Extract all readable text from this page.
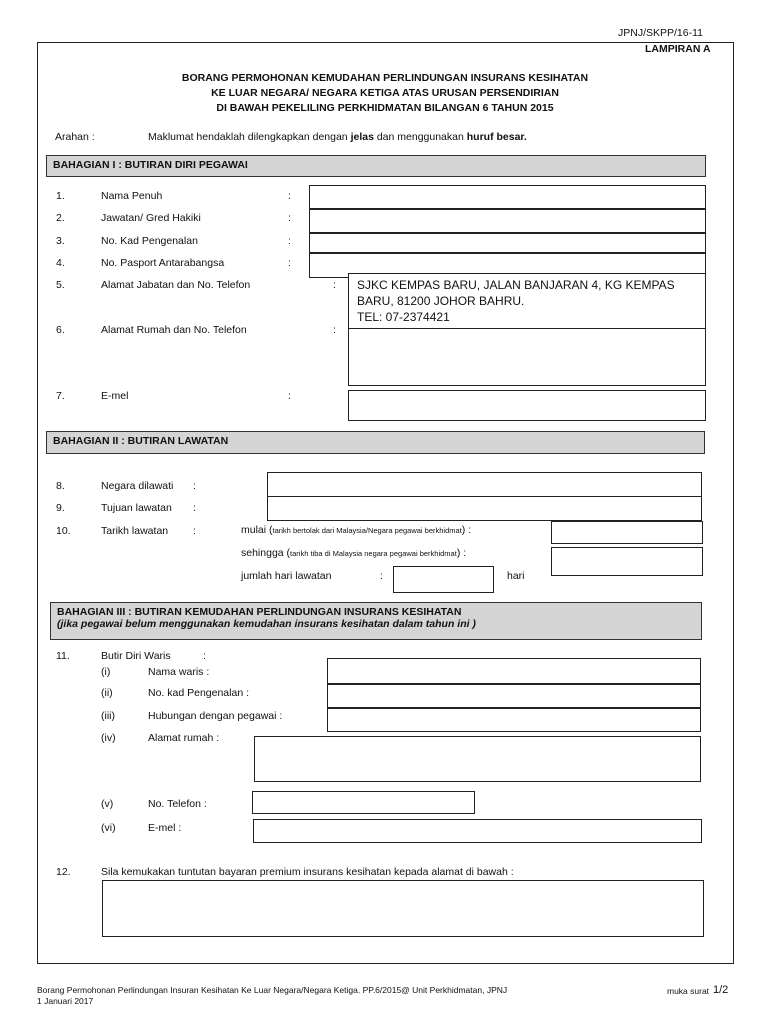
JPNJ/SKPP/16-11
LAMPIRAN A
BORANG PERMOHONAN KEMUDAHAN PERLINDUNGAN INSURANS KESIHATAN
KE LUAR NEGARA/ NEGARA KETIGA ATAS URUSAN PERSENDIRIAN
DI BAWAH PEKELILING PERKHIDMATAN BILANGAN 6 TAHUN 2015
Arahan :	Maklumat hendaklah dilengkapkan dengan jelas dan menggunakan huruf besar.
BAHAGIAN I : BUTIRAN DIRI PEGAWAI
1.	Nama Penuh	:
2.	Jawatan/ Gred Hakiki	:
3.	No. Kad Pengenalan	:
4.	No. Pasport Antarabangsa	:
5.	Alamat Jabatan dan No. Telefon	: SJKC KEMPAS BARU, JALAN BANJARAN 4, KG KEMPAS
BARU, 81200 JOHOR BAHRU.
TEL: 07-2374421
6.	Alamat Rumah dan No. Telefon	:
7.	E-mel	:
BAHAGIAN II : BUTIRAN LAWATAN
8.	Negara dilawati :
9.	Tujuan lawatan :
10.	Tarikh lawatan :	mulai (tarikh bertolak dari Malaysia/Negara pegawai berkhidmat) :
sehingga (tarikh tiba di Malaysia negara pegawai berkhidmat) :
jumlah hari lawatan	:	hari
BAHAGIAN III : BUTIRAN KEMUDAHAN PERLINDUNGAN INSURANS KESIHATAN
(jika pegawai belum menggunakan kemudahan insurans kesihatan dalam tahun ini )
11.	Butir Diri Waris	:
(i)	Nama waris :
(ii)	No. kad Pengenalan :
(iii)	Hubungan dengan pegawai :
(iv)	Alamat rumah :
(v)	No. Telefon :
(vi)	E-mel :
12.	Sila kemukakan tuntutan bayaran premium insurans kesihatan kepada alamat di bawah :
Borang Permohonan Perlindungan Insuran Kesihatan Ke Luar Negara/Negara Ketiga. PP.6/2015@ Unit Perkhidmatan, JPNJ
1 Januari 2017
muka surat 1/2
